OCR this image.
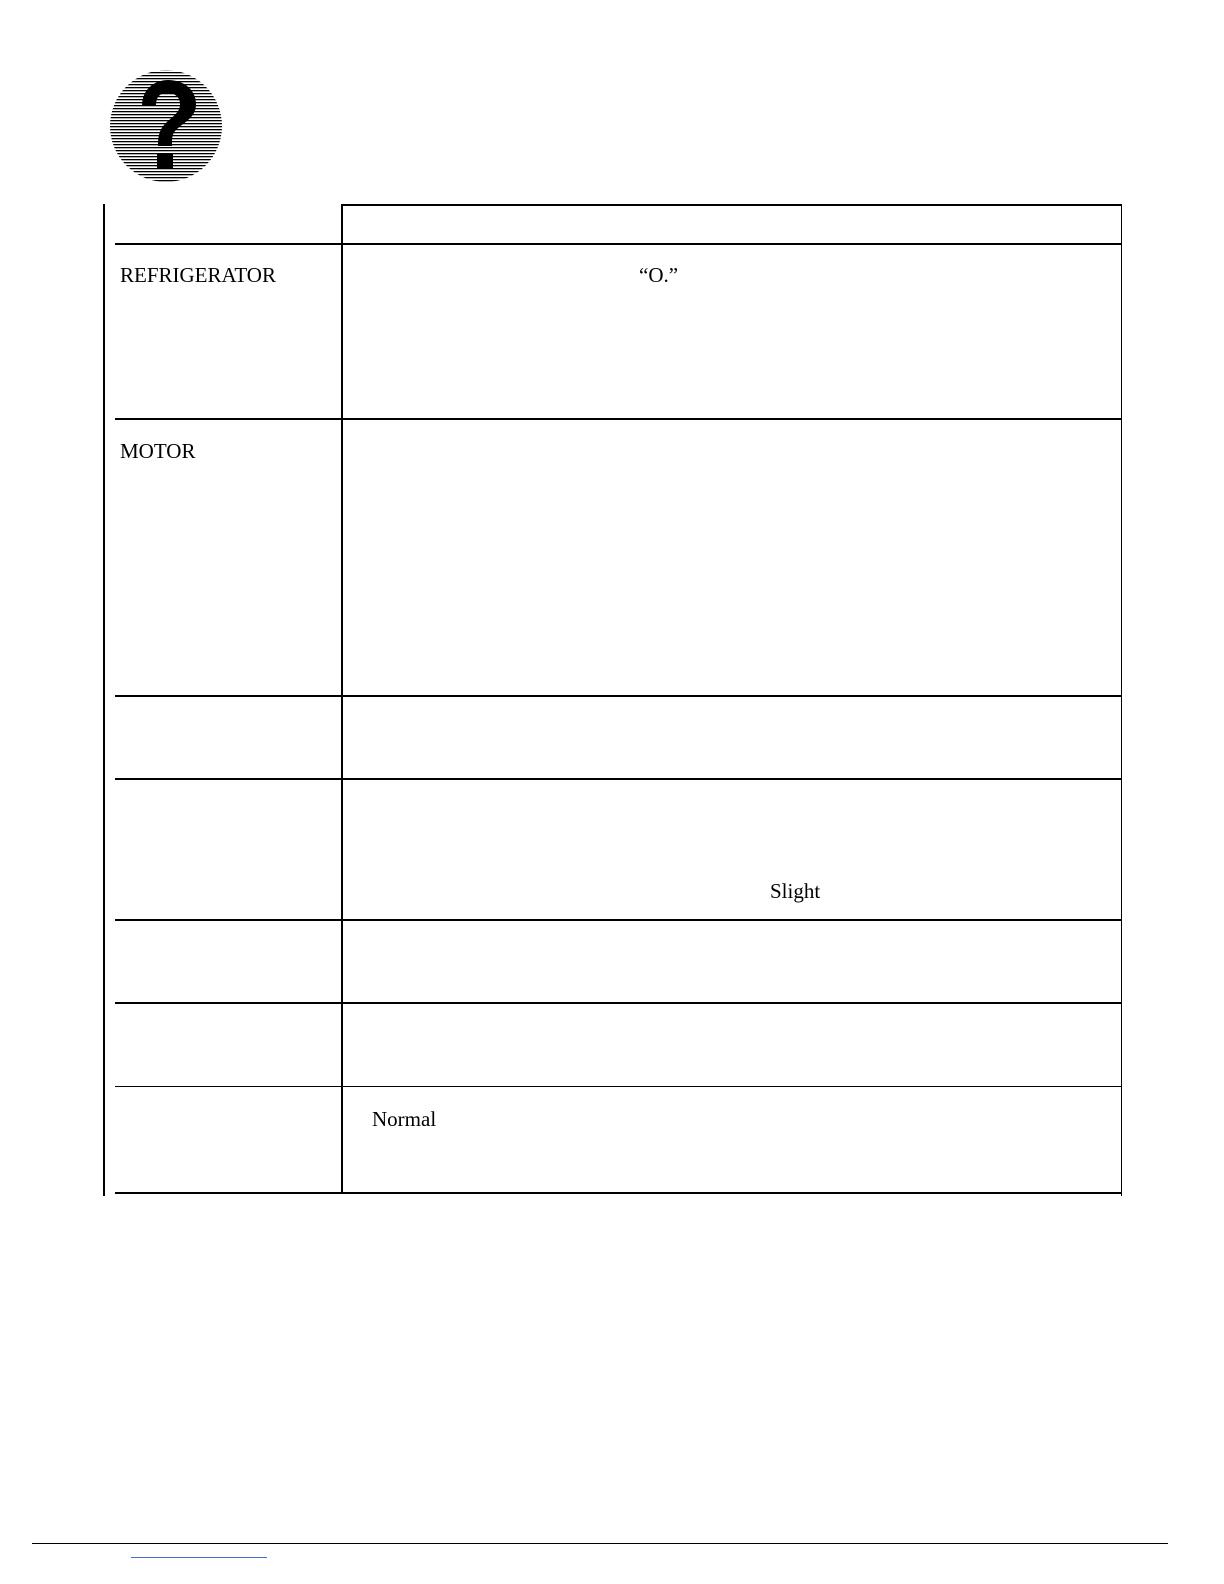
REFRIGERATOR	“O.”
MOTOR
Slight
Normal
